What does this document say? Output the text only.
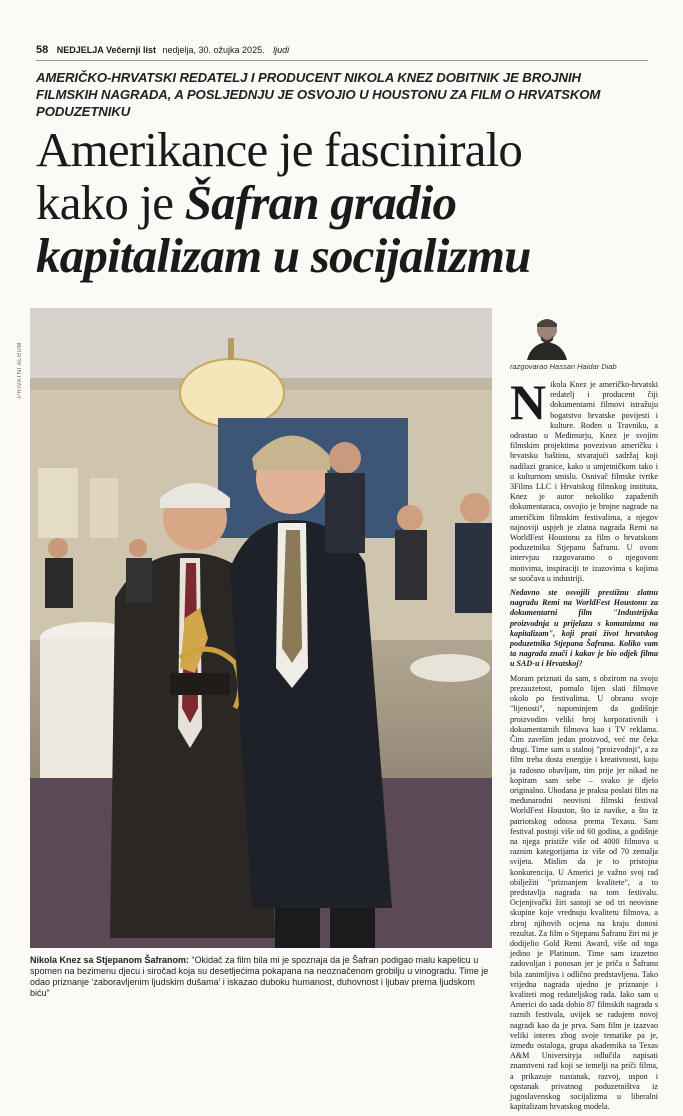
58 NEDJELJA Večernji list nedjelja, 30. ožujka 2025. ljudi
AMERIČKO-HRVATSKI REDATELJ I PRODUCENT NIKOLA KNEZ DOBITNIK JE BROJNIH FILMSKIH NAGRADA, A POSLJEDNJU JE OSVOJIO U HOUSTONU ZA FILM O HRVATSKOM PODUZETNIKU
Amerikance je fasciniralo
kako je Šafran gradio
kapitalizam u socijalizmu
PRIVATNI ALBUM
Nikola Knez sa Stjepanom Šafranom: “Okidač za film bila mi je spoznaja da je Šafran podigao malu kapelicu u spomen na bezimenu djecu i siročad koja su desetljećima pokapana na neoznačenom grobilju u vinogradu. Time je odao priznanje ‘zaboravljenim ljudskim dušama’ i iskazao duboku humanost, duhovnost i ljubav prema ljudskom biću”
razgovarao Hassan Haidar Diab

Nikola Knez je američko-hrvatski redatelj i producent čiji dokumentarni filmovi istražuju bogatstvo hrvatske povijesti i kulture. Rođen u Travniku, a odrastao u Međimurju, Knez je svojim filmskim projektima povezivao američku i hrvatsku baštinu, stvarajući sadržaj koji nadilazi granice, kako u umjetničkom tako i u kulturnom smislu. Osnivač filmske tvrtke 3Films LLC i Hrvatskog filmskog instituta, Knez je autor nekoliko zapaženih dokumentaraca, osvojio je brojne nagrade na američkim filmskim festivalima, a njegov najnoviji uspjeh je zlatna nagrada Remi na WorldFest Houstonu za film o hrvatskom poduzetniku Stjepanu Šafranu. U ovom intervjuu razgovaramo o njegovom motivima, inspiraciji te izazovima s kojima se suočava u industriji.

Nedavno ste osvojili prestižnu zlatnu nagradu Remi na WorldFest Houstonu za dokumentarni film "Industrijska proizvodnja u prijelazu s komunizma na kapitalizam", koji prati život hrvatskog poduzetnika Stjepana Šafrana. Koliko vam ta nagrada znači i kakav je bio odjek filma u SAD-u i Hrvatskoj?

Moram priznati da sam, s obzirom na svoju prezauzetost, pomalo lijen slati filmove okolo po festivalima. U obranu svoje "lijenosti", napominjem da godišnje proizvodim veliki broj korporativnih i dokumentarnih filmova kao i TV reklama. Čim završim jedan proizvod, već me čeka drugi. Time sam u stalnoj "proizvodnji", a za film treba dosta energije i kreativnosti, koju ja radosno obavljam, tim prije jer nikad ne kopiram sam sebe – svako je djelo originalno. Uhodana je praksa poslati film na međunarodni neovisni filmski festival WorldFest Houston, što iz navike, a što iz patriotskog odnosa prema Texasu. Sam festival postoji više od 60 godina, a godišnje na njega pristiže više od 4000 filmova u raznim kategorijama iz više od 70 zemalja svijeta. Mislim da je to pristojna konkurencija. U Americi je važno svoj rad obilježiti "priznanjem kvalitete", a to predstavlja nagrada na tom festivalu. Ocjenjivački žiri sastoji se od tri neovisne skupine koje vrednuju kvalitetu filmova, a zbroj njihovih ocjena na kraju donosi rezultat. Za film o Stjepanu Šafranu žiri mi je dodijelio Gold Remi Award, više od toga jedino je Platinum. Time sam izuzetno zadovoljan i ponosan jer je priča o Šafranu bila zanimljiva i odlično predstavljena. Tako vrijedna nagrada ujedno je priznanje i kvaliteti mog redateljskog rada. Iako sam u Americi do sada dobio 87 filmskih nagrada s raznih festivala, uvijek se radujem novoj nagradi kao da je prva. Sam film je izazvao veliki interes zbog svoje tematike pa je, između ostaloga, grupa akademika sa Texas A&M Universityja odlučila napisati znanstveni rad koji se temelji na priči filma, a prikazuje nastanak, razvoj, uspon i opstanak privatnog poduzetništva iz jugoslavenskog socijalizma u liberalni kapitalizam hrvatskog modela.
